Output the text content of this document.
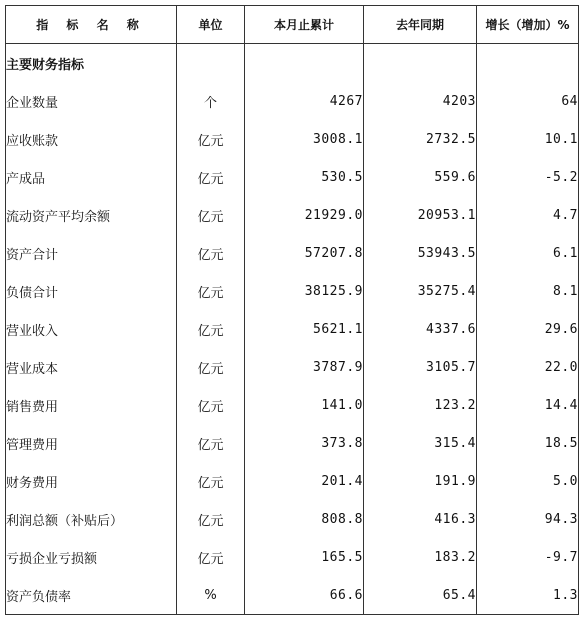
指 标 名 称	单位	本月止累计	去年同期	增长（增加）%
主要财务指标				
企业数量	个	4267	4203	64
应收账款	亿元	3008.1	2732.5	10.1
产成品	亿元	530.5	559.6	-5.2
流动资产平均余额	亿元	21929.0	20953.1	4.7
资产合计	亿元	57207.8	53943.5	6.1
负债合计	亿元	38125.9	35275.4	8.1
营业收入	亿元	5621.1	4337.6	29.6
营业成本	亿元	3787.9	3105.7	22.0
销售费用	亿元	141.0	123.2	14.4
管理费用	亿元	373.8	315.4	18.5
财务费用	亿元	201.4	191.9	5.0
利润总额（补贴后）	亿元	808.8	416.3	94.3
亏损企业亏损额	亿元	165.5	183.2	-9.7
资产负债率	%	66.6	65.4	1.3
